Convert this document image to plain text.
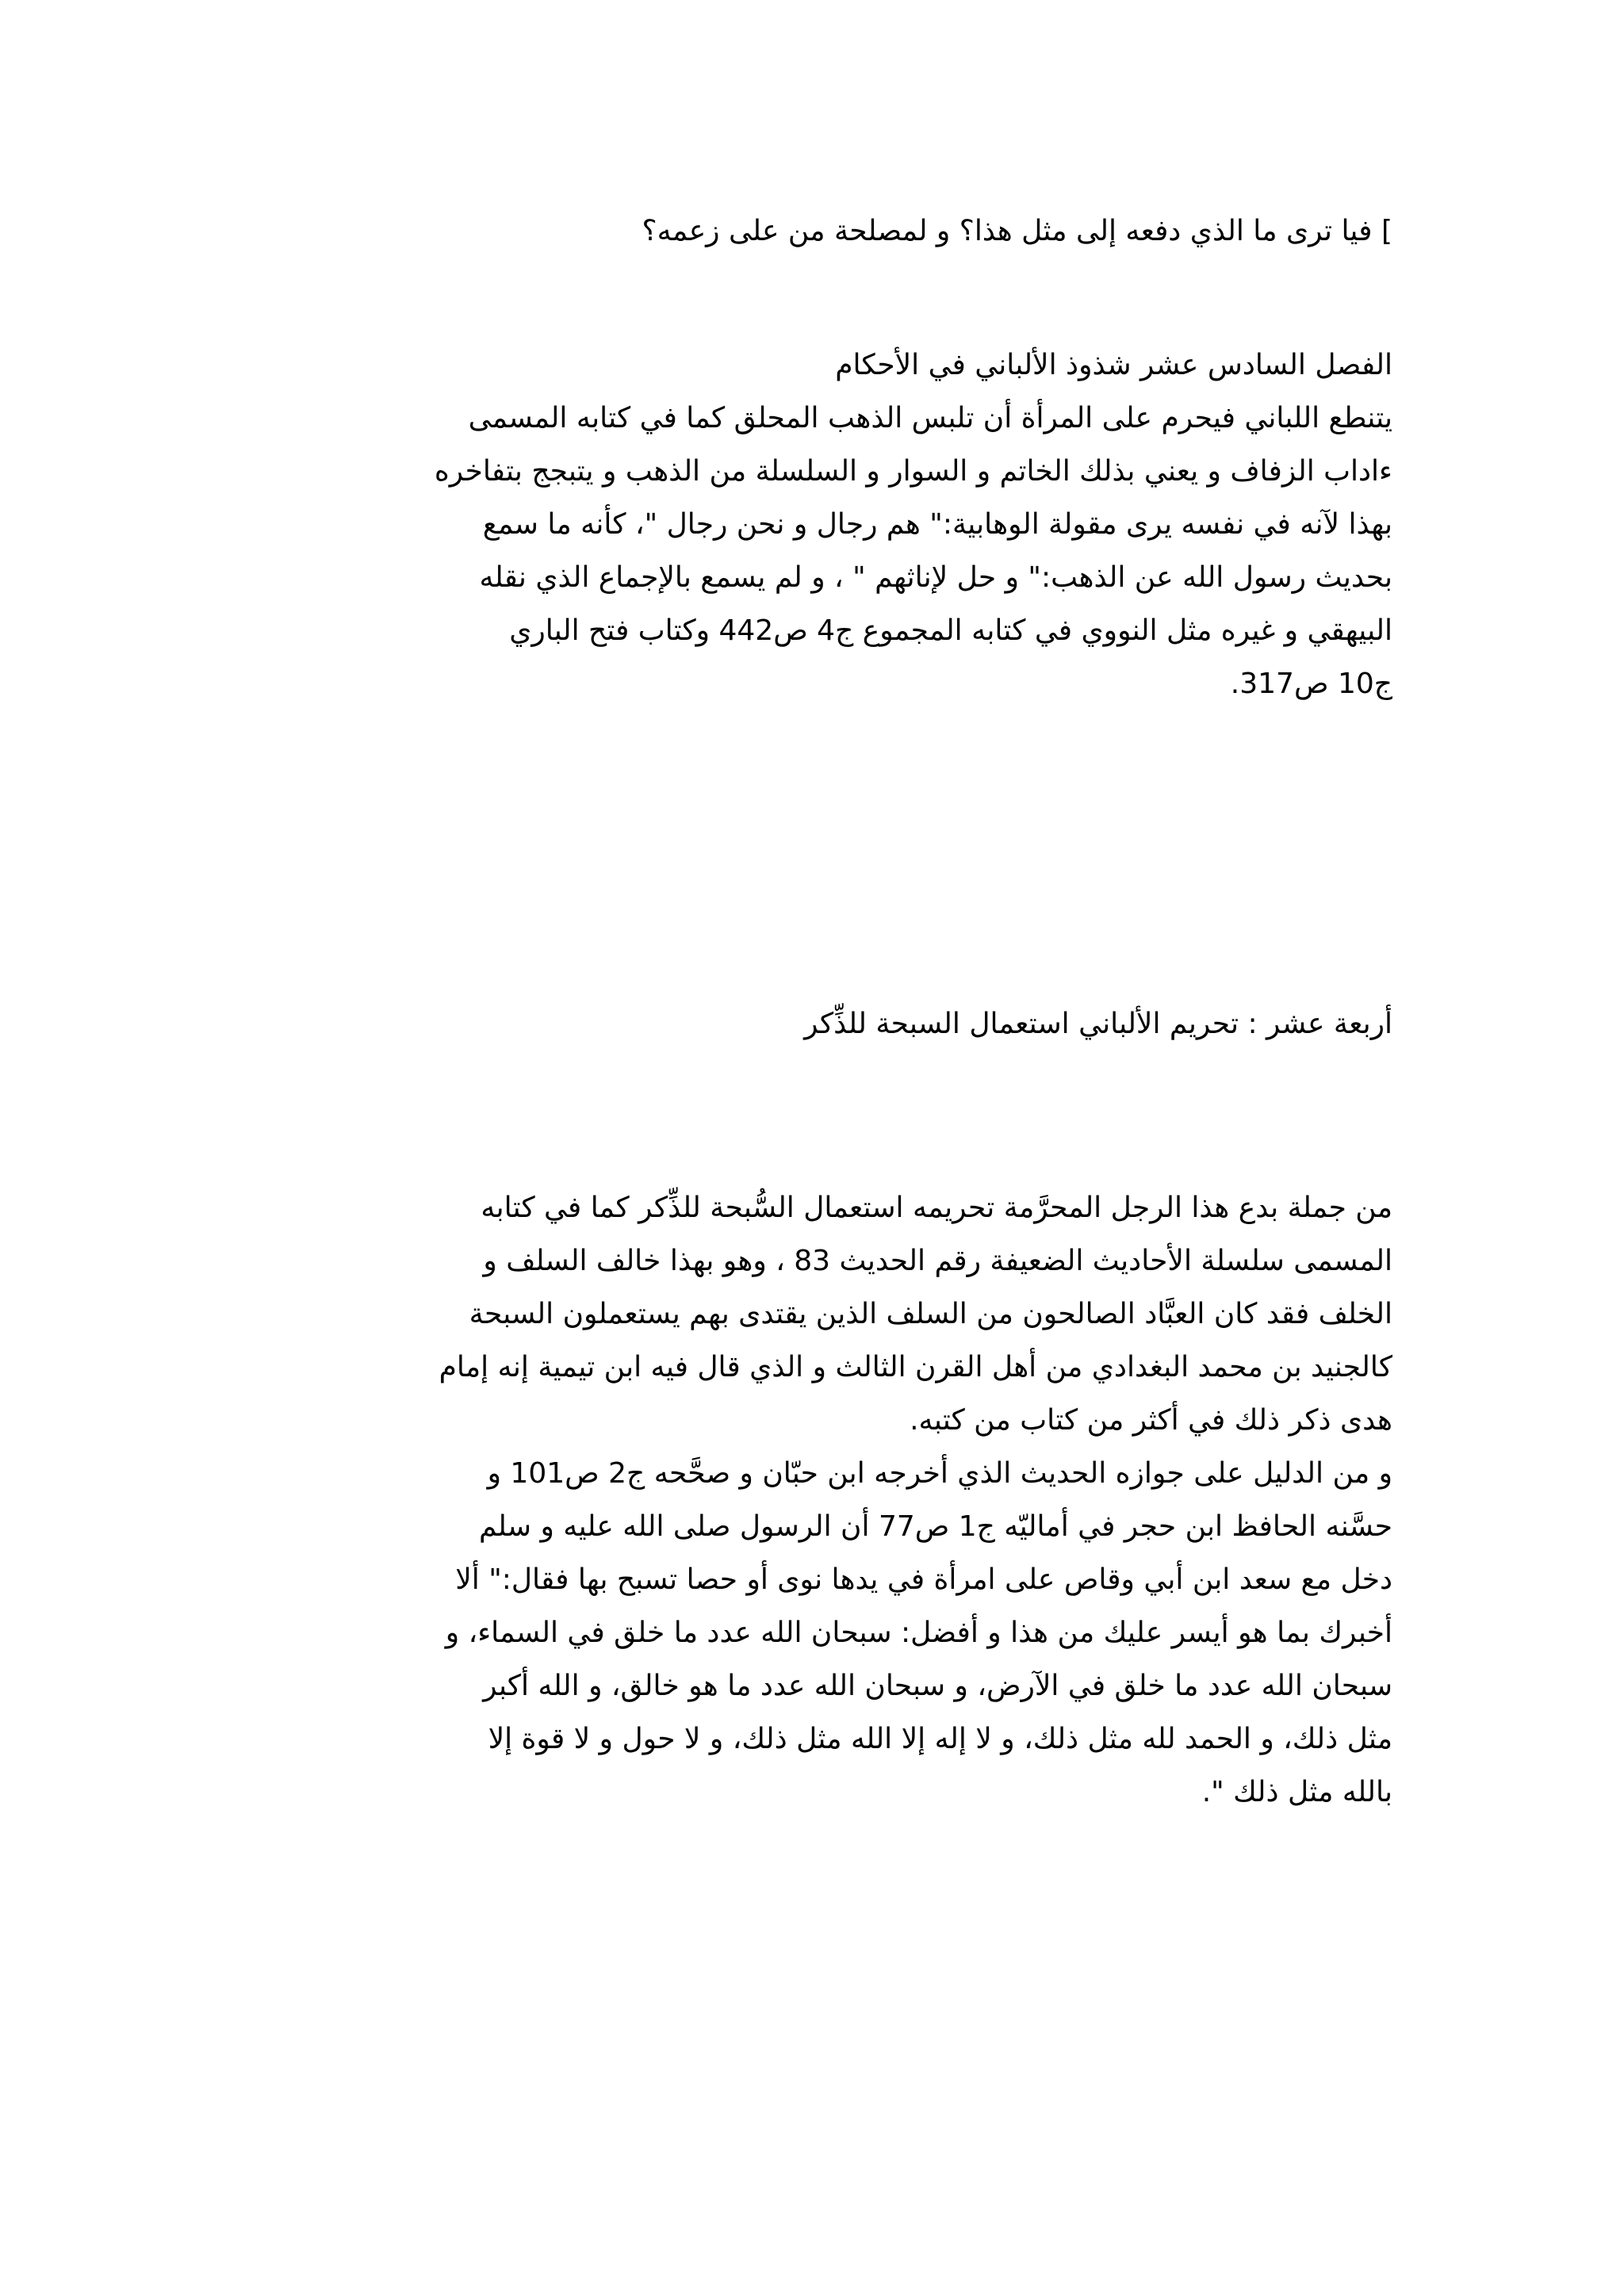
] فيا ترى ما الذي دفعه إلى مثل هذا؟ و لمصلحة من على زعمه؟
الفصل السادس عشر شذوذ الألباني في الأحكام
يتنطع اللباني فيحرم على المرأة أن تلبس الذهب المحلق كما في كتابه المسمى
ءاداب الزفاف و يعني بذلك الخاتم و السوار و السلسلة من الذهب و يتبجج بتفاخره
بهذا لآنه في نفسه يرى مقولة الوهابية:" هم رجال و نحن رجال "، كأنه ما سمع
بحديث رسول الله عن الذهب:" و حل لإناثهم " ، و لم يسمع بالإجماع الذي نقله
البيهقي و غيره مثل النووي في كتابه المجموع ج4 ص442 وكتاب فتح الباري
ج10 ص317.
أربعة عشر : تحريم الألباني استعمال السبحة للذِّكر
من جملة بدع هذا الرجل المحرَّمة تحريمه استعمال السُّبحة للذِّكر كما في كتابه
المسمى سلسلة الأحاديث الضعيفة رقم الحديث 83 ، وهو بهذا خالف السلف و
الخلف فقد كان العبَّاد الصالحون من السلف الذين يقتدى بهم يستعملون السبحة
كالجنيد بن محمد البغدادي من أهل القرن الثالث و الذي قال فيه ابن تيمية إنه إمام
هدى ذكر ذلك في أكثر من كتاب من كتبه.
و من الدليل على جوازه الحديث الذي أخرجه ابن حبّان و صحَّحه ج2 ص101 و
حسَّنه الحافظ ابن حجر في أماليّه ج1 ص77 أن الرسول صلى الله عليه و سلم
دخل مع سعد ابن أبي وقاص على امرأة في يدها نوى أو حصا تسبح بها فقال:" ألا
أخبرك بما هو أيسر عليك من هذا و أفضل: سبحان الله عدد ما خلق في السماء، و
سبحان الله عدد ما خلق في الآرض، و سبحان الله عدد ما هو خالق، و الله أكبر
مثل ذلك، و الحمد لله مثل ذلك، و لا إله إلا الله مثل ذلك، و لا حول و لا قوة إلا
بالله مثل ذلك ".
